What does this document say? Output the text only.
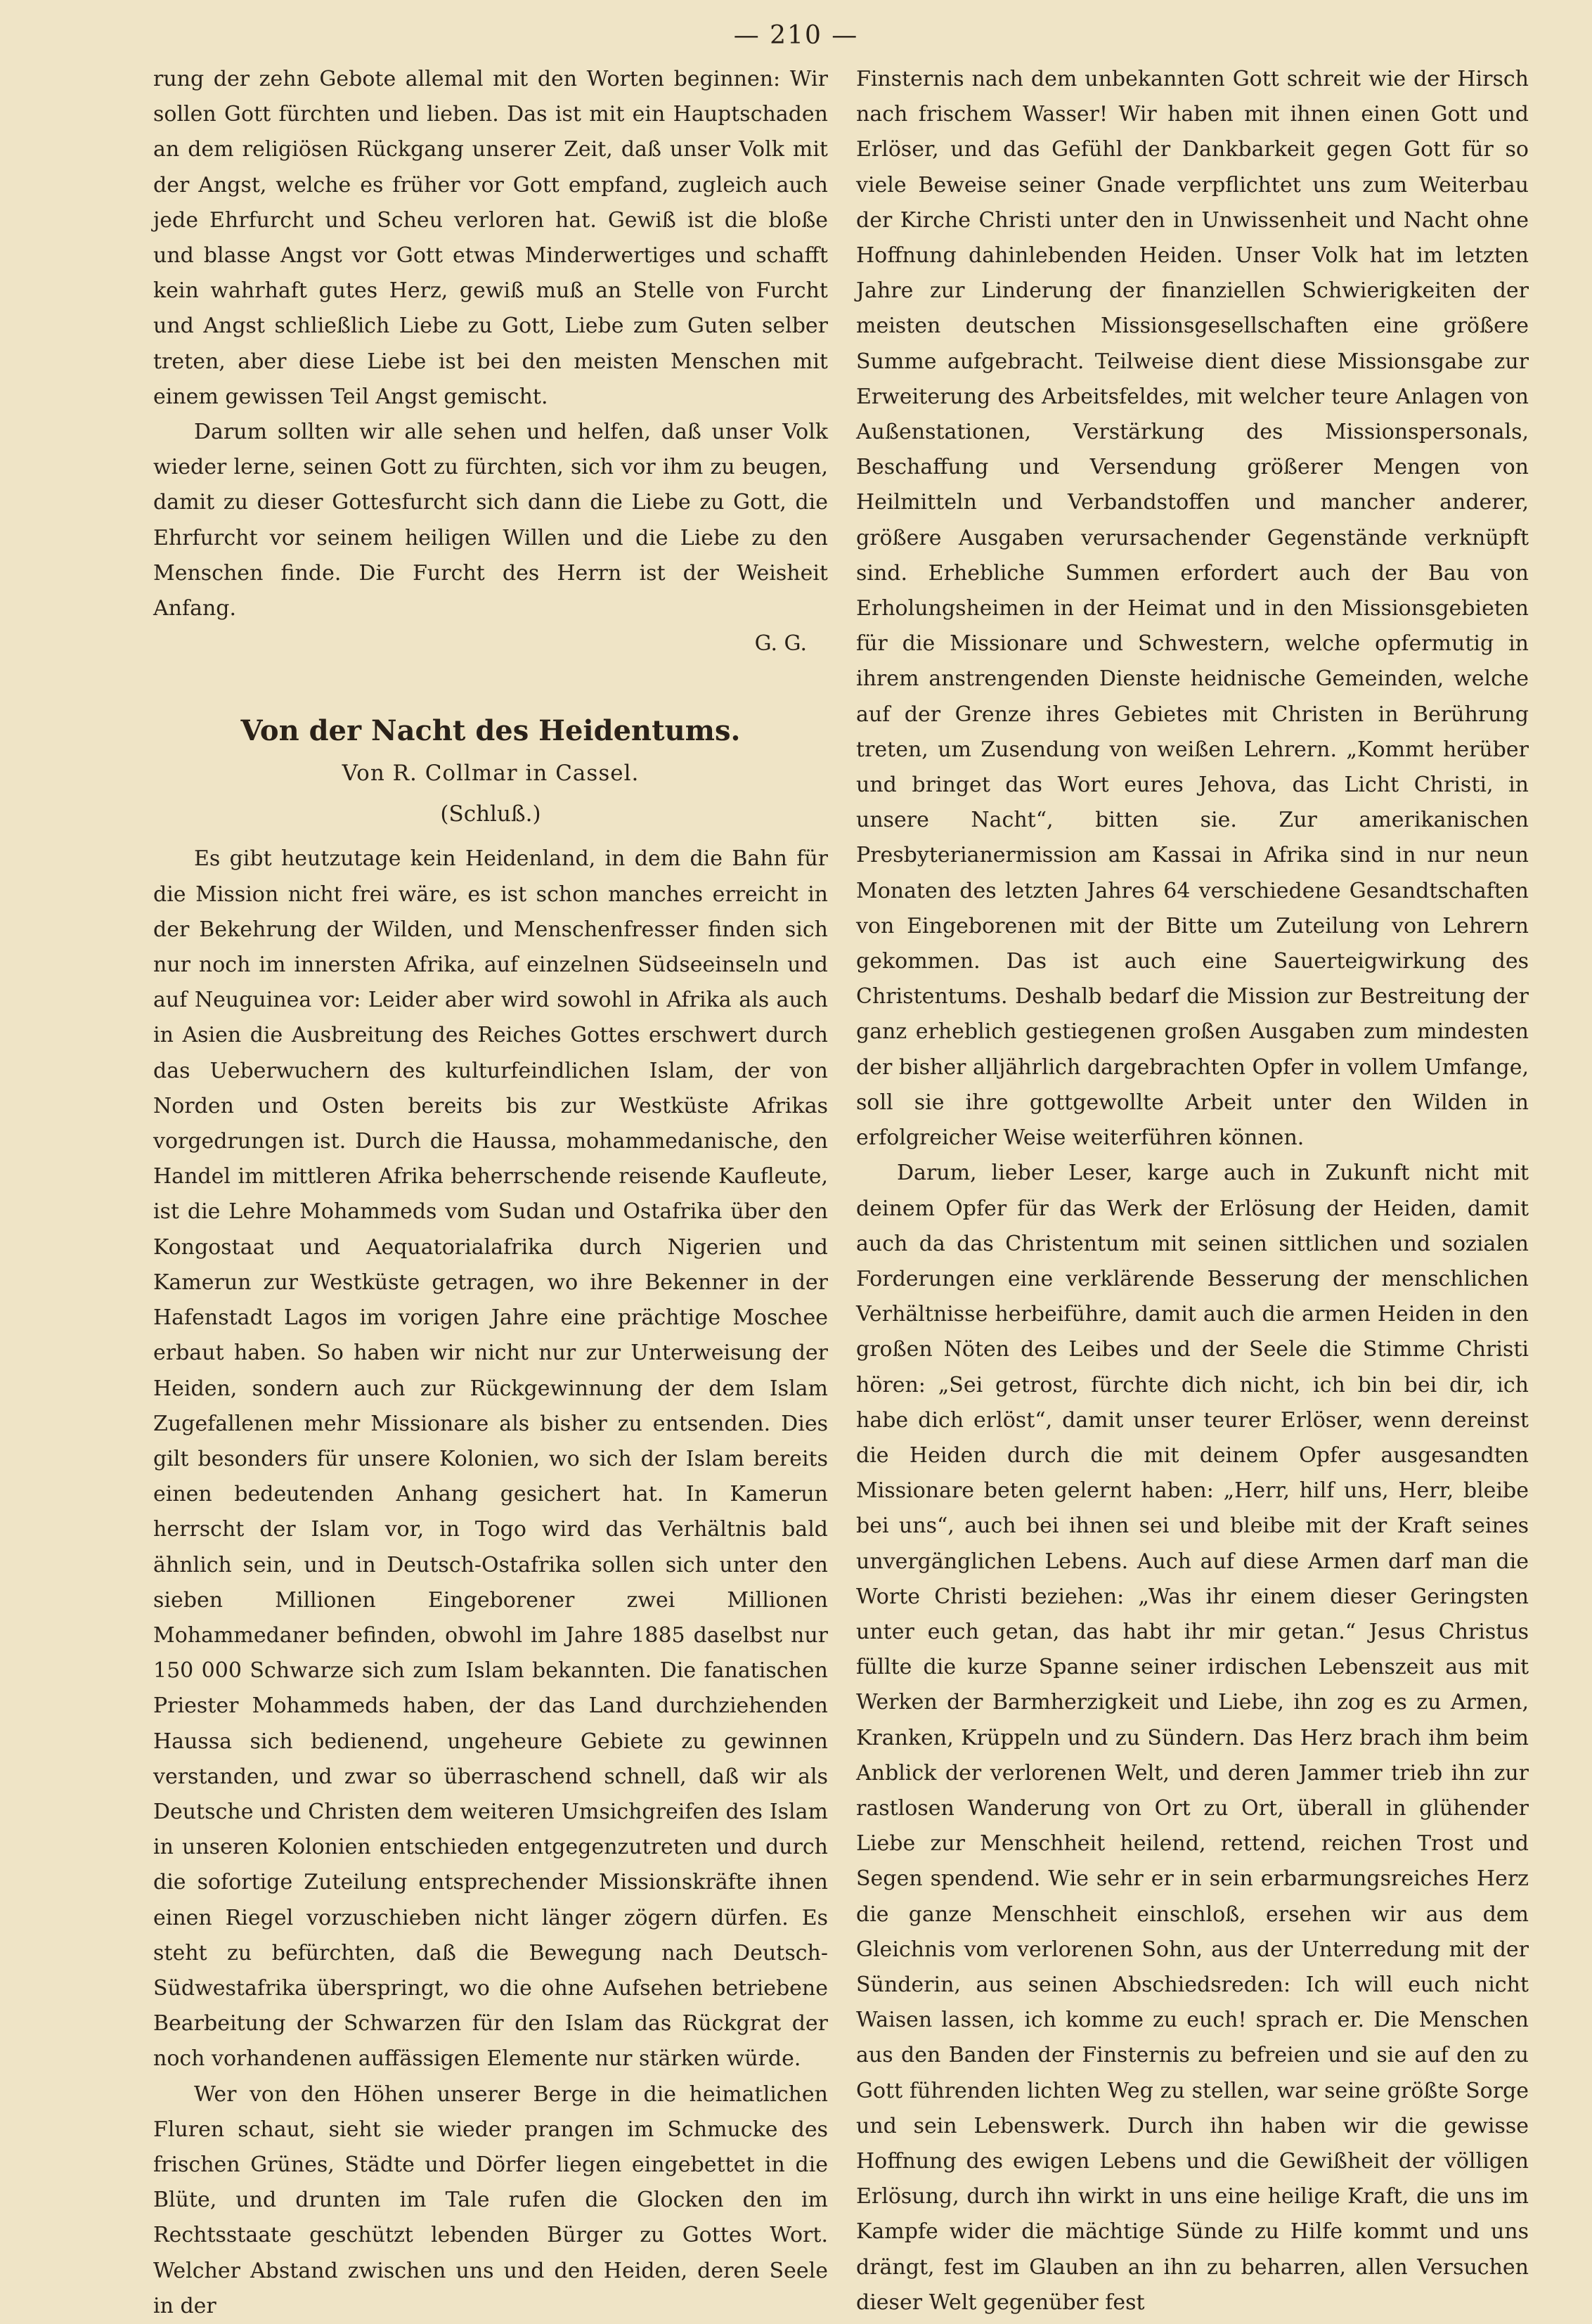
— 210 —

rung der zehn Gebote allemal mit den Worten beginnen: Wir sollen Gott fürchten und lieben. Das ist mit ein Hauptschaden an dem religiösen Rückgang unserer Zeit, daß unser Volk mit der Angst, welche es früher vor Gott empfand, zugleich auch jede Ehrfurcht und Scheu verloren hat. Gewiß ist die bloße und blasse Angst vor Gott etwas Minderwertiges und schafft kein wahrhaft gutes Herz, gewiß muß an Stelle von Furcht und Angst schließlich Liebe zu Gott, Liebe zum Guten selber treten, aber diese Liebe ist bei den meisten Menschen mit einem gewissen Teil Angst gemischt.

Darum sollten wir alle sehen und helfen, daß unser Volk wieder lerne, seinen Gott zu fürchten, sich vor ihm zu beugen, damit zu dieser Gottesfurcht sich dann die Liebe zu Gott, die Ehrfurcht vor seinem heiligen Willen und die Liebe zu den Menschen finde. Die Furcht des Herrn ist der Weisheit Anfang.

G. G.

Von der Nacht des Heidentums.

Von R. Collmar in Cassel.

(Schluß.)

Es gibt heutzutage kein Heidenland, in dem die Bahn für die Mission nicht frei wäre, es ist schon manches erreicht in der Bekehrung der Wilden, und Menschenfresser finden sich nur noch im innersten Afrika, auf einzelnen Südseeinseln und auf Neuguinea vor: Leider aber wird sowohl in Afrika als auch in Asien die Ausbreitung des Reiches Gottes erschwert durch das Ueberwuchern des kulturfeindlichen Islam, der von Norden und Osten bereits bis zur Westküste Afrikas vorgedrungen ist. Durch die Haussa, mohammedanische, den Handel im mittleren Afrika beherrschende reisende Kaufleute, ist die Lehre Mohammeds vom Sudan und Ostafrika über den Kongostaat und Aequatorialafrika durch Nigerien und Kamerun zur Westküste getragen, wo ihre Bekenner in der Hafenstadt Lagos im vorigen Jahre eine prächtige Moschee erbaut haben. So haben wir nicht nur zur Unterweisung der Heiden, sondern auch zur Rückgewinnung der dem Islam Zugefallenen mehr Missionare als bisher zu entsenden. Dies gilt besonders für unsere Kolonien, wo sich der Islam bereits einen bedeutenden Anhang gesichert hat. In Kamerun herrscht der Islam vor, in Togo wird das Verhältnis bald ähnlich sein, und in Deutsch-Ostafrika sollen sich unter den sieben Millionen Eingeborener zwei Millionen Mohammedaner befinden, obwohl im Jahre 1885 daselbst nur 150 000 Schwarze sich zum Islam bekannten. Die fanatischen Priester Mohammeds haben, der das Land durchziehenden Haussa sich bedienend, ungeheure Gebiete zu gewinnen verstanden, und zwar so überraschend schnell, daß wir als Deutsche und Christen dem weiteren Umsichgreifen des Islam in unseren Kolonien entschieden entgegenzutreten und durch die sofortige Zuteilung entsprechender Missionskräfte ihnen einen Riegel vorzuschieben nicht länger zögern dürfen. Es steht zu befürchten, daß die Bewegung nach Deutsch-Südwestafrika überspringt, wo die ohne Aufsehen betriebene Bearbeitung der Schwarzen für den Islam das Rückgrat der noch vorhandenen auffässigen Elemente nur stärken würde.

Wer von den Höhen unserer Berge in die heimatlichen Fluren schaut, sieht sie wieder prangen im Schmucke des frischen Grünes, Städte und Dörfer liegen eingebettet in die Blüte, und drunten im Tale rufen die Glocken den im Rechtsstaate geschützt lebenden Bürger zu Gottes Wort. Welcher Abstand zwischen uns und den Heiden, deren Seele in der

Finsternis nach dem unbekannten Gott schreit wie der Hirsch nach frischem Wasser! Wir haben mit ihnen einen Gott und Erlöser, und das Gefühl der Dankbarkeit gegen Gott für so viele Beweise seiner Gnade verpflichtet uns zum Weiterbau der Kirche Christi unter den in Unwissenheit und Nacht ohne Hoffnung dahinlebenden Heiden. Unser Volk hat im letzten Jahre zur Linderung der finanziellen Schwierigkeiten der meisten deutschen Missionsgesellschaften eine größere Summe aufgebracht. Teilweise dient diese Missionsgabe zur Erweiterung des Arbeitsfeldes, mit welcher teure Anlagen von Außenstationen, Verstärkung des Missionspersonals, Beschaffung und Versendung größerer Mengen von Heilmitteln und Verbandstoffen und mancher anderer, größere Ausgaben verursachender Gegenstände verknüpft sind. Erhebliche Summen erfordert auch der Bau von Erholungsheimen in der Heimat und in den Missionsgebieten für die Missionare und Schwestern, welche opfermutig in ihrem anstrengenden Dienste heidnische Gemeinden, welche auf der Grenze ihres Gebietes mit Christen in Berührung treten, um Zusendung von weißen Lehrern. „Kommt herüber und bringet das Wort eures Jehova, das Licht Christi, in unsere Nacht“, bitten sie. Zur amerikanischen Presbyterianermission am Kassai in Afrika sind in nur neun Monaten des letzten Jahres 64 verschiedene Gesandtschaften von Eingeborenen mit der Bitte um Zuteilung von Lehrern gekommen. Das ist auch eine Sauerteigwirkung des Christentums. Deshalb bedarf die Mission zur Bestreitung der ganz erheblich gestiegenen großen Ausgaben zum mindesten der bisher alljährlich dargebrachten Opfer in vollem Umfange, soll sie ihre gottgewollte Arbeit unter den Wilden in erfolgreicher Weise weiterführen können.

Darum, lieber Leser, karge auch in Zukunft nicht mit deinem Opfer für das Werk der Erlösung der Heiden, damit auch da das Christentum mit seinen sittlichen und sozialen Forderungen eine verklärende Besserung der menschlichen Verhältnisse herbeiführe, damit auch die armen Heiden in den großen Nöten des Leibes und der Seele die Stimme Christi hören: „Sei getrost, fürchte dich nicht, ich bin bei dir, ich habe dich erlöst“, damit unser teurer Erlöser, wenn dereinst die Heiden durch die mit deinem Opfer ausgesandten Missionare beten gelernt haben: „Herr, hilf uns, Herr, bleibe bei uns“, auch bei ihnen sei und bleibe mit der Kraft seines unvergänglichen Lebens. Auch auf diese Armen darf man die Worte Christi beziehen: „Was ihr einem dieser Geringsten unter euch getan, das habt ihr mir getan.“ Jesus Christus füllte die kurze Spanne seiner irdischen Lebenszeit aus mit Werken der Barmherzigkeit und Liebe, ihn zog es zu Armen, Kranken, Krüppeln und zu Sündern. Das Herz brach ihm beim Anblick der verlorenen Welt, und deren Jammer trieb ihn zur rastlosen Wanderung von Ort zu Ort, überall in glühender Liebe zur Menschheit heilend, rettend, reichen Trost und Segen spendend. Wie sehr er in sein erbarmungsreiches Herz die ganze Menschheit einschloß, ersehen wir aus dem Gleichnis vom verlorenen Sohn, aus der Unterredung mit der Sünderin, aus seinen Abschiedsreden: Ich will euch nicht Waisen lassen, ich komme zu euch! sprach er. Die Menschen aus den Banden der Finsternis zu befreien und sie auf den zu Gott führenden lichten Weg zu stellen, war seine größte Sorge und sein Lebenswerk. Durch ihn haben wir die gewisse Hoffnung des ewigen Lebens und die Gewißheit der völligen Erlösung, durch ihn wirkt in uns eine heilige Kraft, die uns im Kampfe wider die mächtige Sünde zu Hilfe kommt und uns drängt, fest im Glauben an ihn zu beharren, allen Versuchen dieser Welt gegenüber fest
